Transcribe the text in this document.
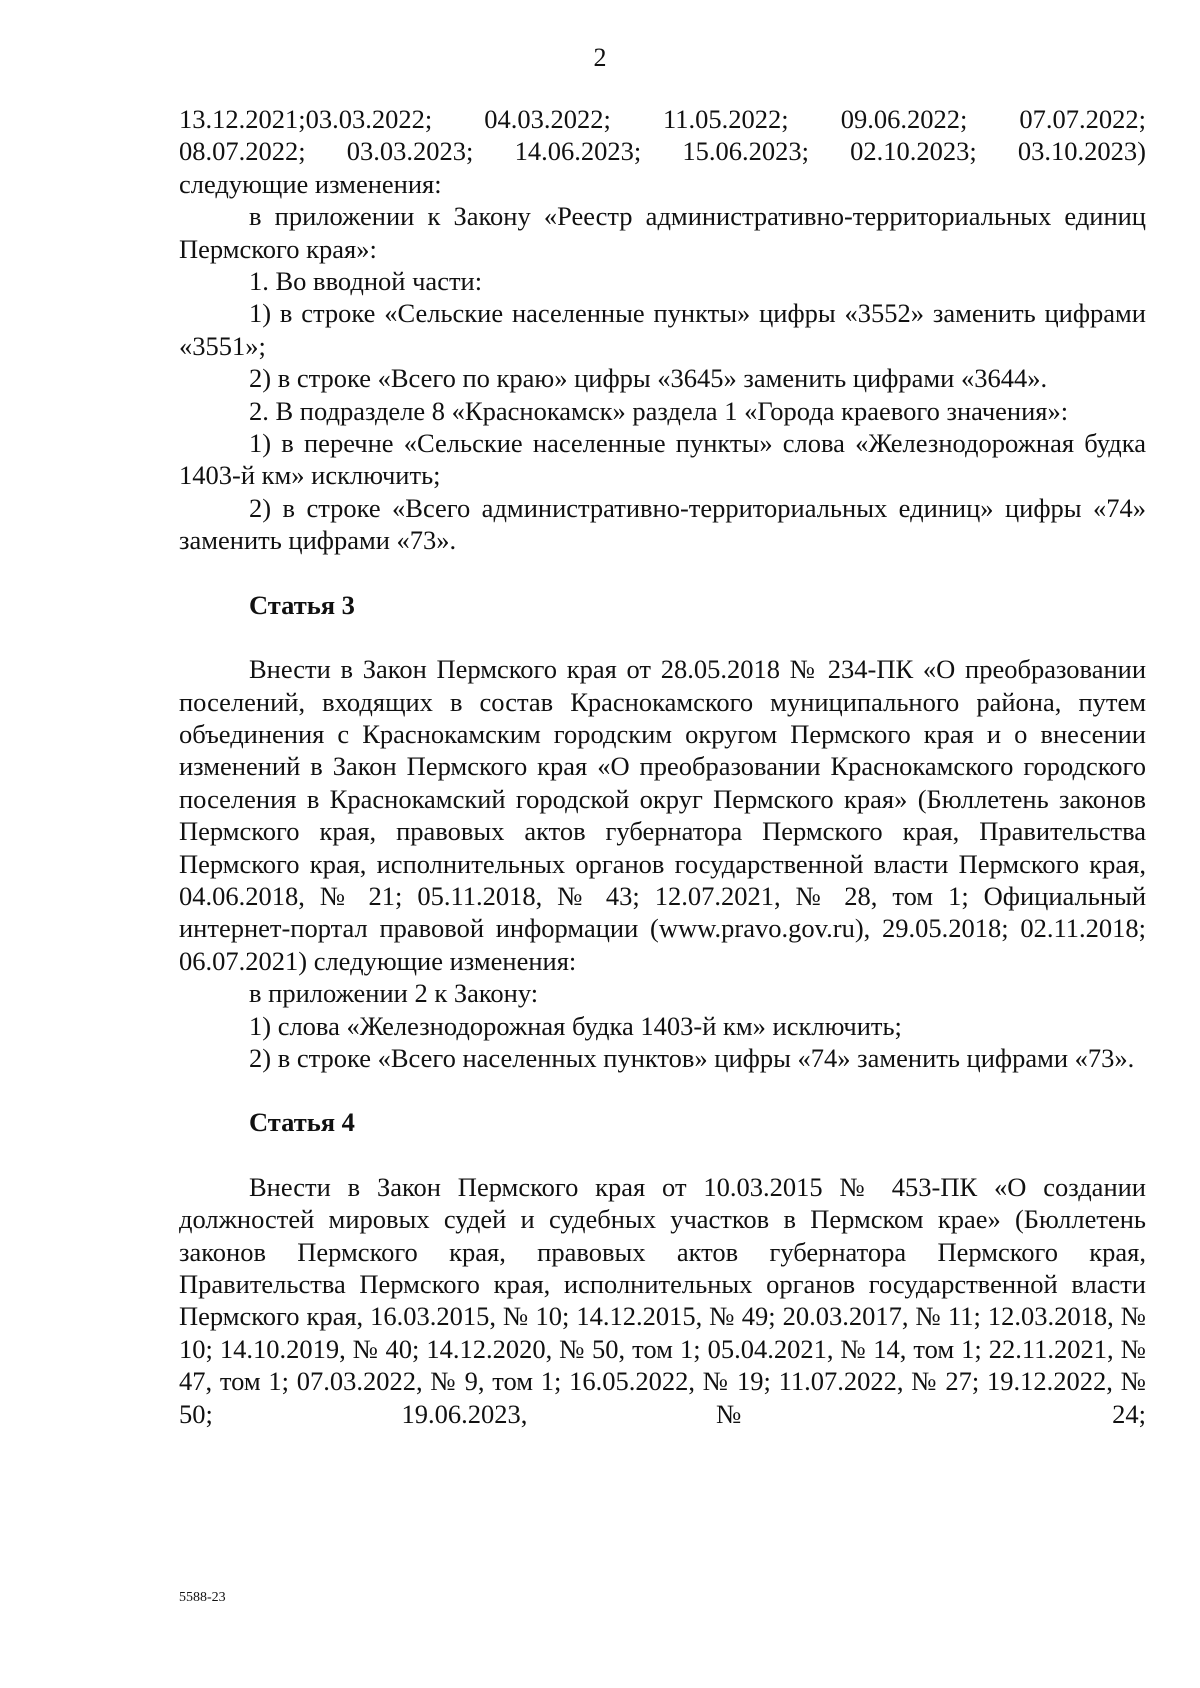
2

13.12.2021;03.03.2022; 04.03.2022; 11.05.2022; 09.06.2022; 07.07.2022;

08.07.2022; 03.03.2023; 14.06.2023; 15.06.2023; 02.10.2023; 03.10.2023)

следующие изменения:

в приложении к Закону «Реестр административно-территориальных единиц Пермского края»:

1. Во вводной части:

1) в строке «Сельские населенные пункты» цифры «3552» заменить цифрами «3551»;

2) в строке «Всего по краю» цифры «3645» заменить цифрами «3644».

2. В подразделе 8 «Краснокамск» раздела 1 «Города краевого значения»:

1) в перечне «Сельские населенные пункты» слова «Железнодорожная будка 1403-й км» исключить;

2) в строке «Всего административно-территориальных единиц» цифры «74» заменить цифрами «73».

Статья 3

Внести в Закон Пермского края от 28.05.2018 № 234-ПК «О преобразовании поселений, входящих в состав Краснокамского муниципального района, путем объединения с Краснокамским городским округом Пермского края и о внесении изменений в Закон Пермского края «О преобразовании Краснокамского городского поселения в Краснокамский городской округ Пермского края» (Бюллетень законов Пермского края, правовых актов губернатора Пермского края, Правительства Пермского края, исполнительных органов государственной власти Пермского края, 04.06.2018, № 21; 05.11.2018, № 43; 12.07.2021, № 28, том 1; Официальный интернет-портал правовой информации (www.pravo.gov.ru), 29.05.2018; 02.11.2018; 06.07.2021) следующие изменения:

в приложении 2 к Закону:

1) слова «Железнодорожная будка 1403-й км» исключить;

2) в строке «Всего населенных пунктов» цифры «74» заменить цифрами «73».

Статья 4

Внести в Закон Пермского края от 10.03.2015 № 453-ПК «О создании должностей мировых судей и судебных участков в Пермском крае» (Бюллетень законов Пермского края, правовых актов губернатора Пермского края, Правительства Пермского края, исполнительных органов государственной власти Пермского края, 16.03.2015, № 10; 14.12.2015, № 49; 20.03.2017, № 11; 12.03.2018, № 10; 14.10.2019, № 40; 14.12.2020, № 50, том 1; 05.04.2021, № 14, том 1; 22.11.2021, № 47, том 1; 07.03.2022, № 9, том 1; 16.05.2022, № 19; 11.07.2022, № 27; 19.12.2022, № 50; 19.06.2023, № 24;

5588-23
